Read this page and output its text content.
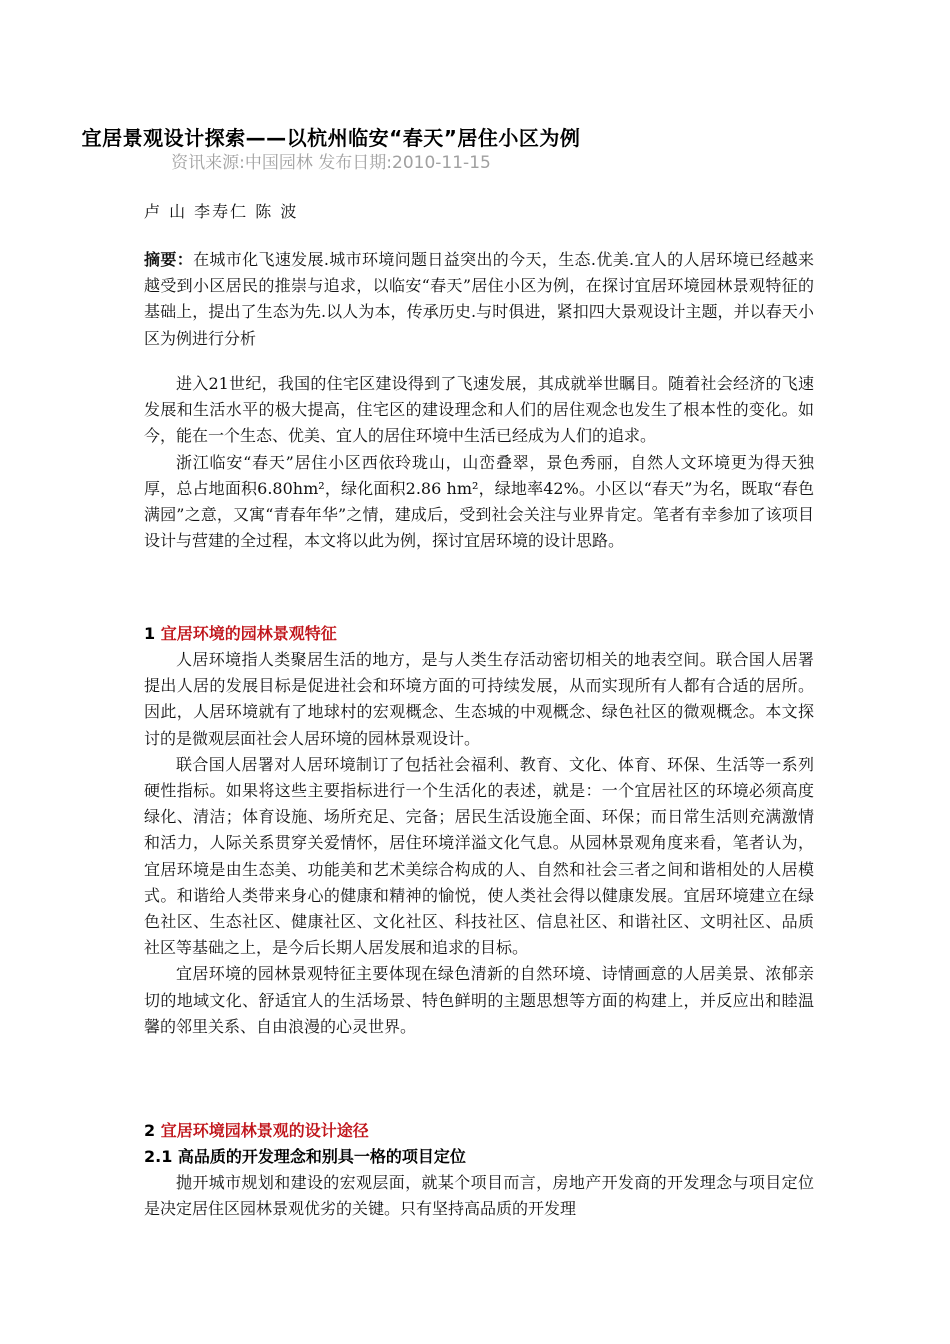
宜居景观设计探索——以杭州临安“春天”居住小区为例
资讯来源:中国园林 发布日期:2010-11-15
卢 山 李寿仁 陈 波
摘要：在城市化飞速发展.城市环境问题日益突出的今天，生态.优美.宜人的人居环境已经越来越受到小区居民的推崇与追求，以临安“春天”居住小区为例，在探讨宜居环境园林景观特征的基础上，提出了生态为先.以人为本，传承历史.与时俱进，紧扣四大景观设计主题，并以春天小区为例进行分析

进入21世纪，我国的住宅区建设得到了飞速发展，其成就举世瞩目。随着社会经济的飞速发展和生活水平的极大提高，住宅区的建设理念和人们的居住观念也发生了根本性的变化。如今，能在一个生态、优美、宜人的居住环境中生活已经成为人们的追求。

浙江临安“春天”居住小区西依玲珑山，山峦叠翠，景色秀丽，自然人文环境更为得天独厚，总占地面积6.80hm²，绿化面积2.86 hm²，绿地率42%。小区以“春天”为名，既取“春色满园”之意，又寓“青春年华”之情，建成后，受到社会关注与业界肯定。笔者有幸参加了该项目设计与营建的全过程，本文将以此为例，探讨宜居环境的设计思路。

1 宜居环境的园林景观特征

人居环境指人类聚居生活的地方，是与人类生存活动密切相关的地表空间。联合国人居署提出人居的发展目标是促进社会和环境方面的可持续发展，从而实现所有人都有合适的居所。因此，人居环境就有了地球村的宏观概念、生态城的中观概念、绿色社区的微观概念。本文探讨的是微观层面社会人居环境的园林景观设计。

联合国人居署对人居环境制订了包括社会福利、教育、文化、体育、环保、生活等一系列硬性指标。如果将这些主要指标进行一个生活化的表述，就是：一个宜居社区的环境必须高度绿化、清洁；体育设施、场所充足、完备；居民生活设施全面、环保；而日常生活则充满激情和活力，人际关系贯穿关爱情怀，居住环境洋溢文化气息。从园林景观角度来看，笔者认为，宜居环境是由生态美、功能美和艺术美综合构成的人、自然和社会三者之间和谐相处的人居模式。和谐给人类带来身心的健康和精神的愉悦，使人类社会得以健康发展。宜居环境建立在绿色社区、生态社区、健康社区、文化社区、科技社区、信息社区、和谐社区、文明社区、品质社区等基础之上，是今后长期人居发展和追求的目标。

宜居环境的园林景观特征主要体现在绿色清新的自然环境、诗情画意的人居美景、浓郁亲切的地域文化、舒适宜人的生活场景、特色鲜明的主题思想等方面的构建上，并反应出和睦温馨的邻里关系、自由浪漫的心灵世界。

2 宜居环境园林景观的设计途径
2.1 高品质的开发理念和别具一格的项目定位

抛开城市规划和建设的宏观层面，就某个项目而言，房地产开发商的开发理念与项目定位是决定居住区园林景观优劣的关键。只有坚持高品质的开发理
